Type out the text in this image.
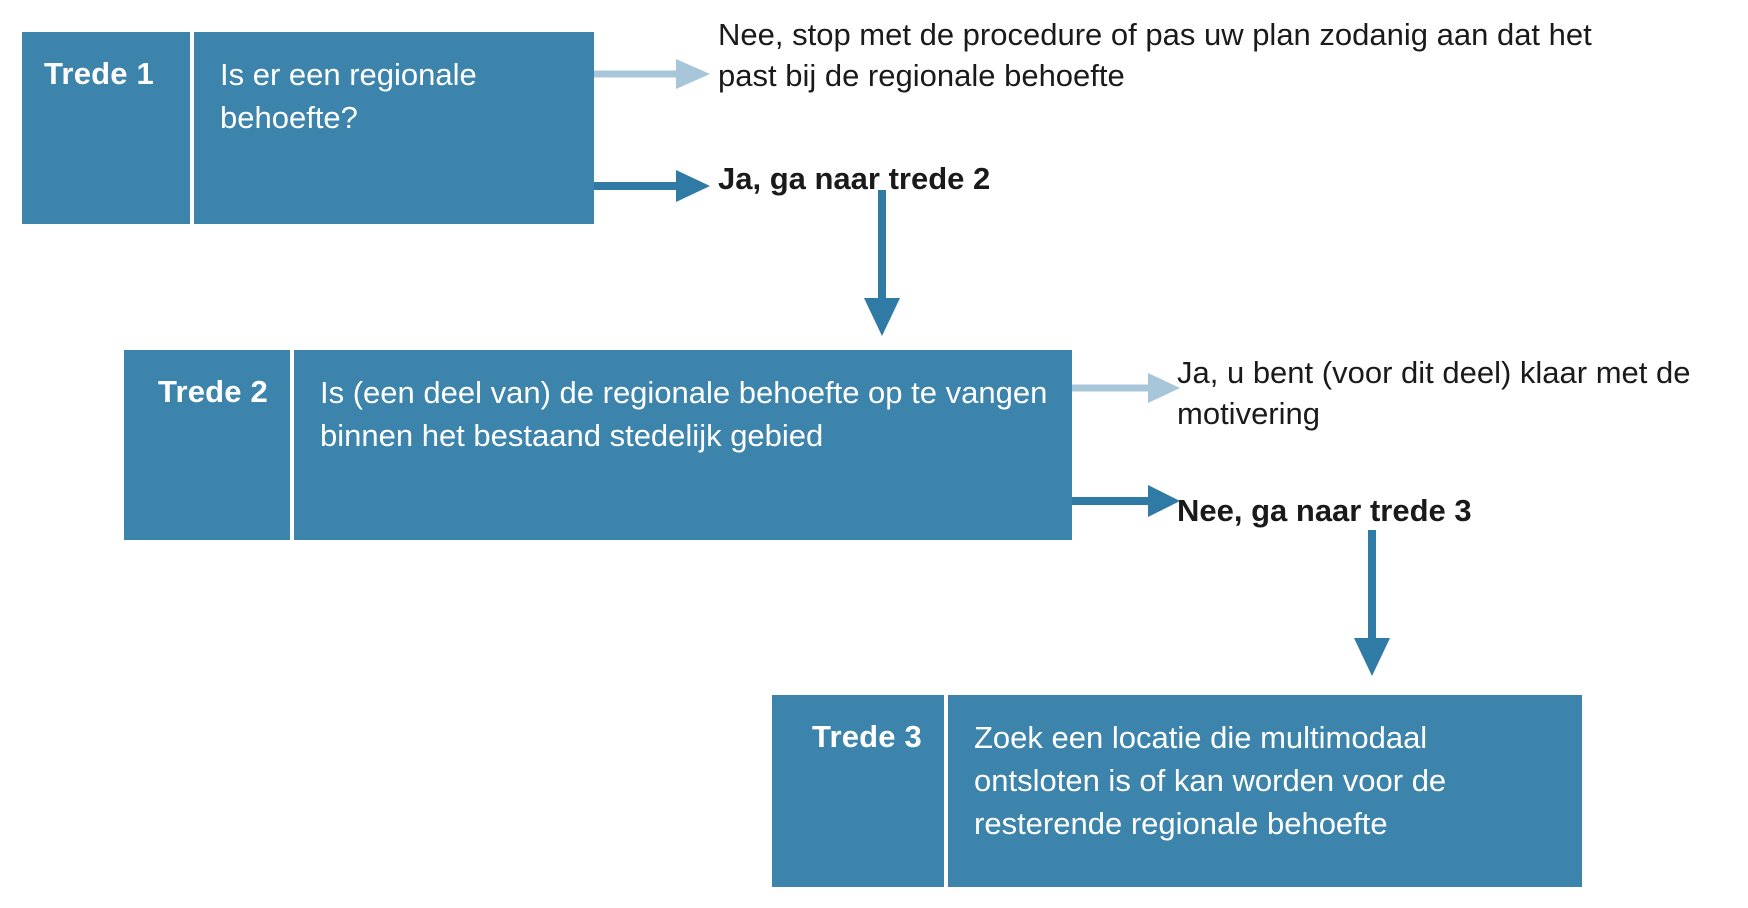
Trede 1	Is er een regionale behoefte?
Nee, stop met de procedure of pas uw plan zodanig aan dat het past bij de regionale behoefte
Ja, ga naar trede 2
Trede 2	Is (een deel van) de regionale behoefte op te vangen binnen het bestaand stedelijk gebied
Ja, u bent (voor dit deel) klaar met de motivering
Nee, ga naar trede 3
Trede 3	Zoek een locatie die multimodaal ontsloten is of kan worden voor de resterende regionale behoefte
